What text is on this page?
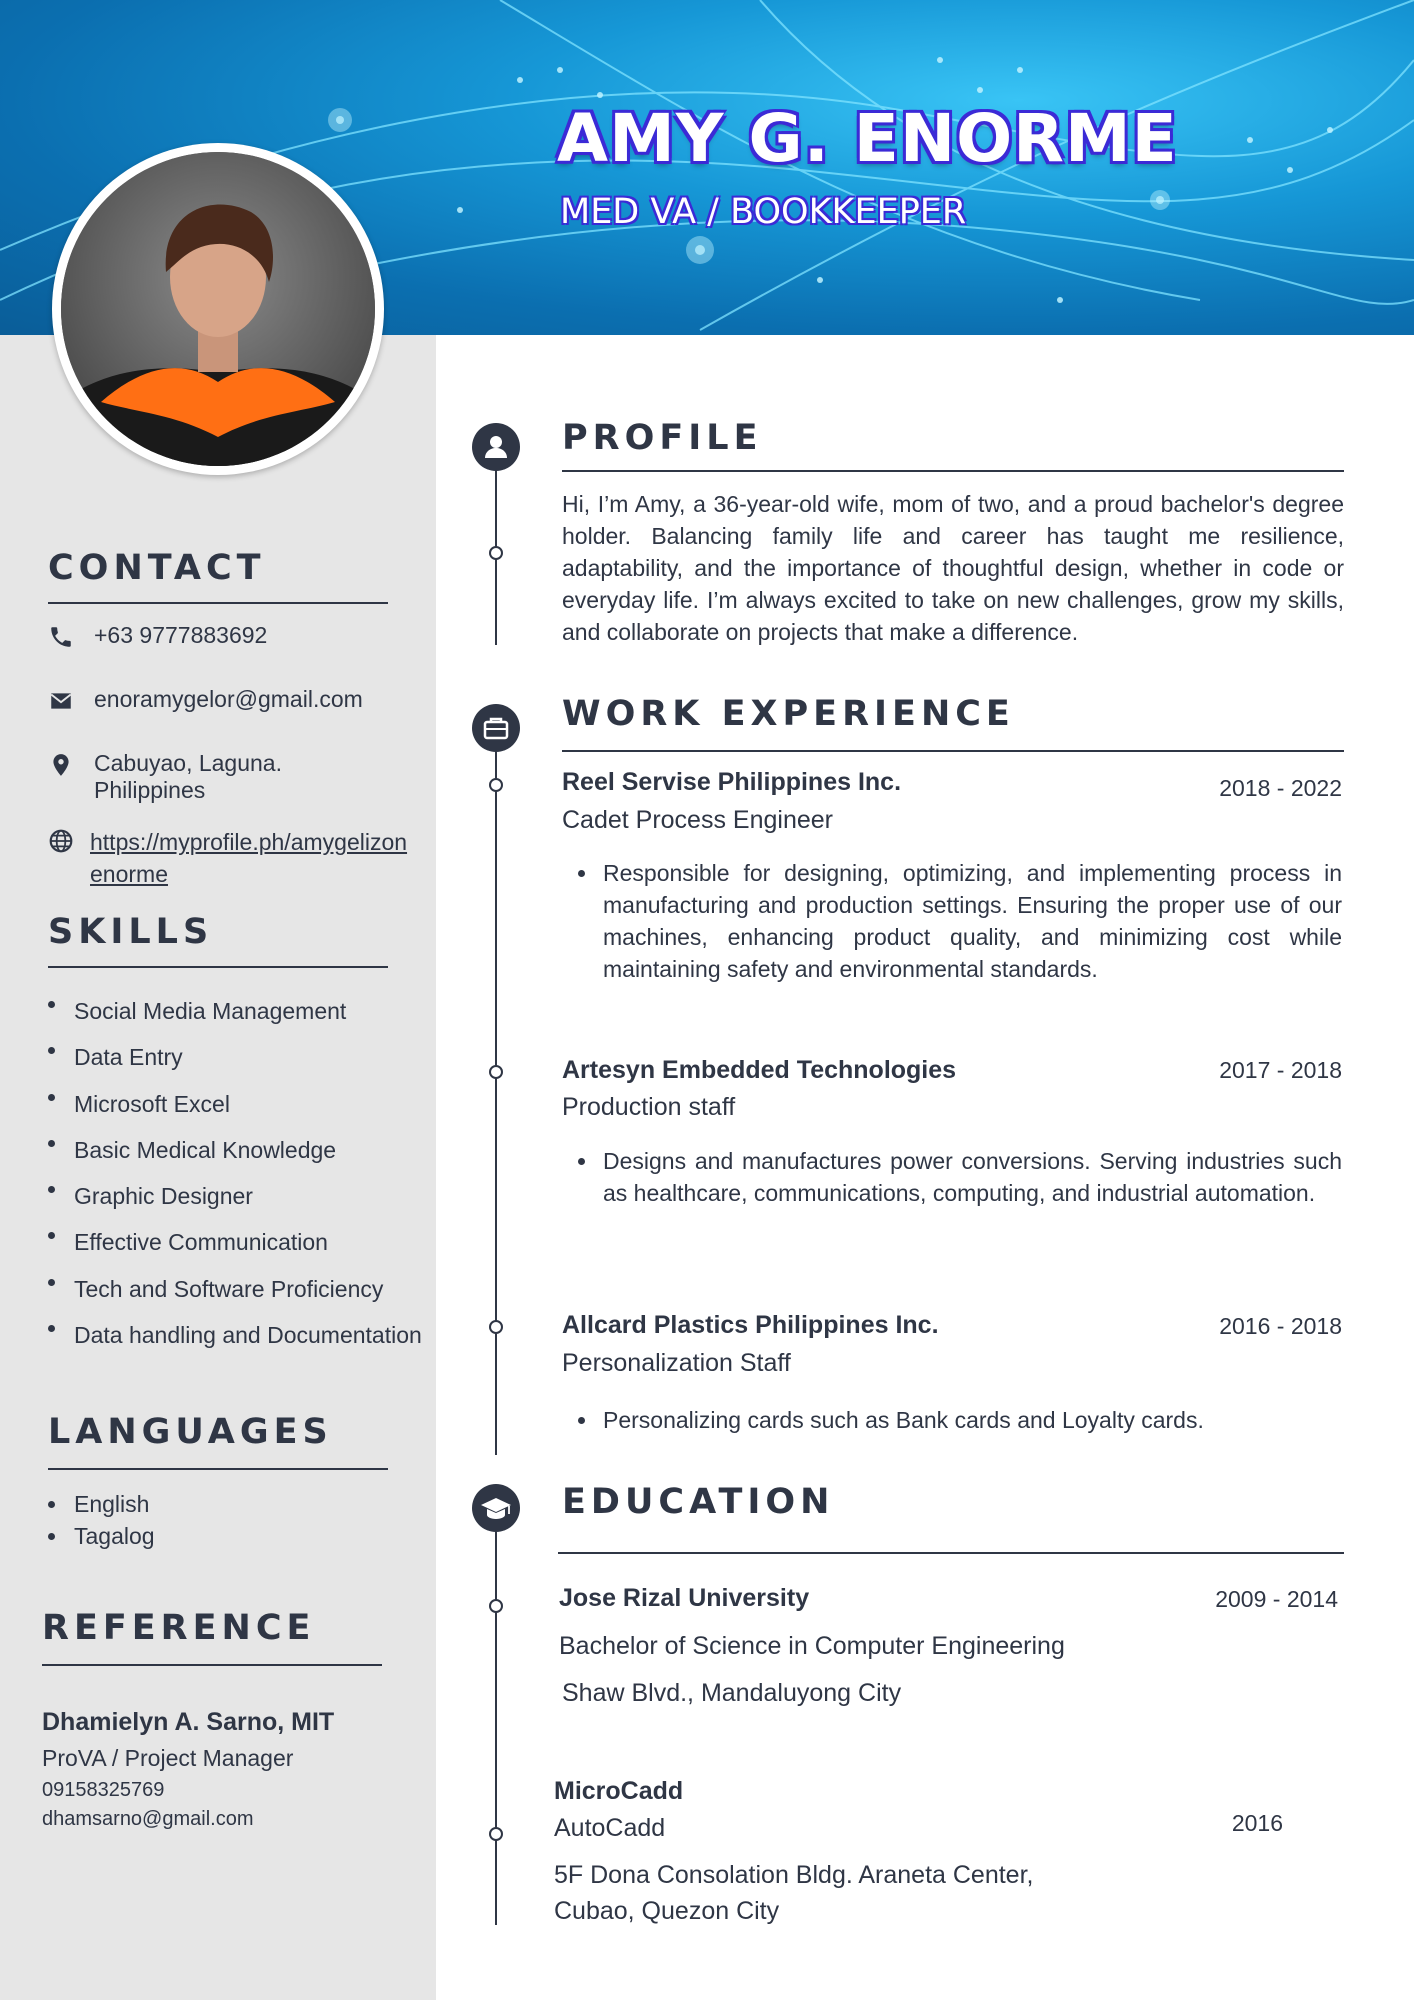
AMY G. ENORME
MED VA / BOOKKEEPER
CONTACT
+63 9777883692
enoramygelor@gmail.com
Cabuyao, Laguna.
Philippines
https://myprofile.ph/amygelizon
enorme
SKILLS
Social Media Management
Data Entry
Microsoft Excel
Basic Medical Knowledge
Graphic Designer
Effective Communication
Tech and Software Proficiency
Data handling and Documentation
LANGUAGES
English
Tagalog
REFERENCE
Dhamielyn A. Sarno, MIT
ProVA / Project Manager
09158325769
dhamsarno@gmail.com
PROFILE
Hi, I’m Amy, a 36-year-old wife, mom of two, and a proud bachelor's degree holder. Balancing family life and career has taught me resilience, adaptability, and the importance of thoughtful design, whether in code or everyday life. I’m always excited to take on new challenges, grow my skills, and collaborate on projects that make a difference.
WORK EXPERIENCE
Reel Servise Philippines Inc.	2018 - 2022
Cadet Process Engineer
Responsible for designing, optimizing, and implementing process in manufacturing and production settings. Ensuring the proper use of our machines, enhancing product quality, and minimizing cost while maintaining safety and environmental standards.
Artesyn Embedded Technologies	2017 - 2018
Production staff
Designs and manufactures power conversions. Serving industries such as healthcare, communications, computing, and industrial automation.
Allcard Plastics Philippines Inc.	2016 - 2018
Personalization Staff
Personalizing cards such as Bank cards and Loyalty cards.
EDUCATION
Jose Rizal University	2009 - 2014
Bachelor of Science in Computer Engineering
Shaw Blvd., Mandaluyong City
MicroCadd
2016
AutoCadd
5F Dona Consolation Bldg. Araneta Center,
Cubao, Quezon City
